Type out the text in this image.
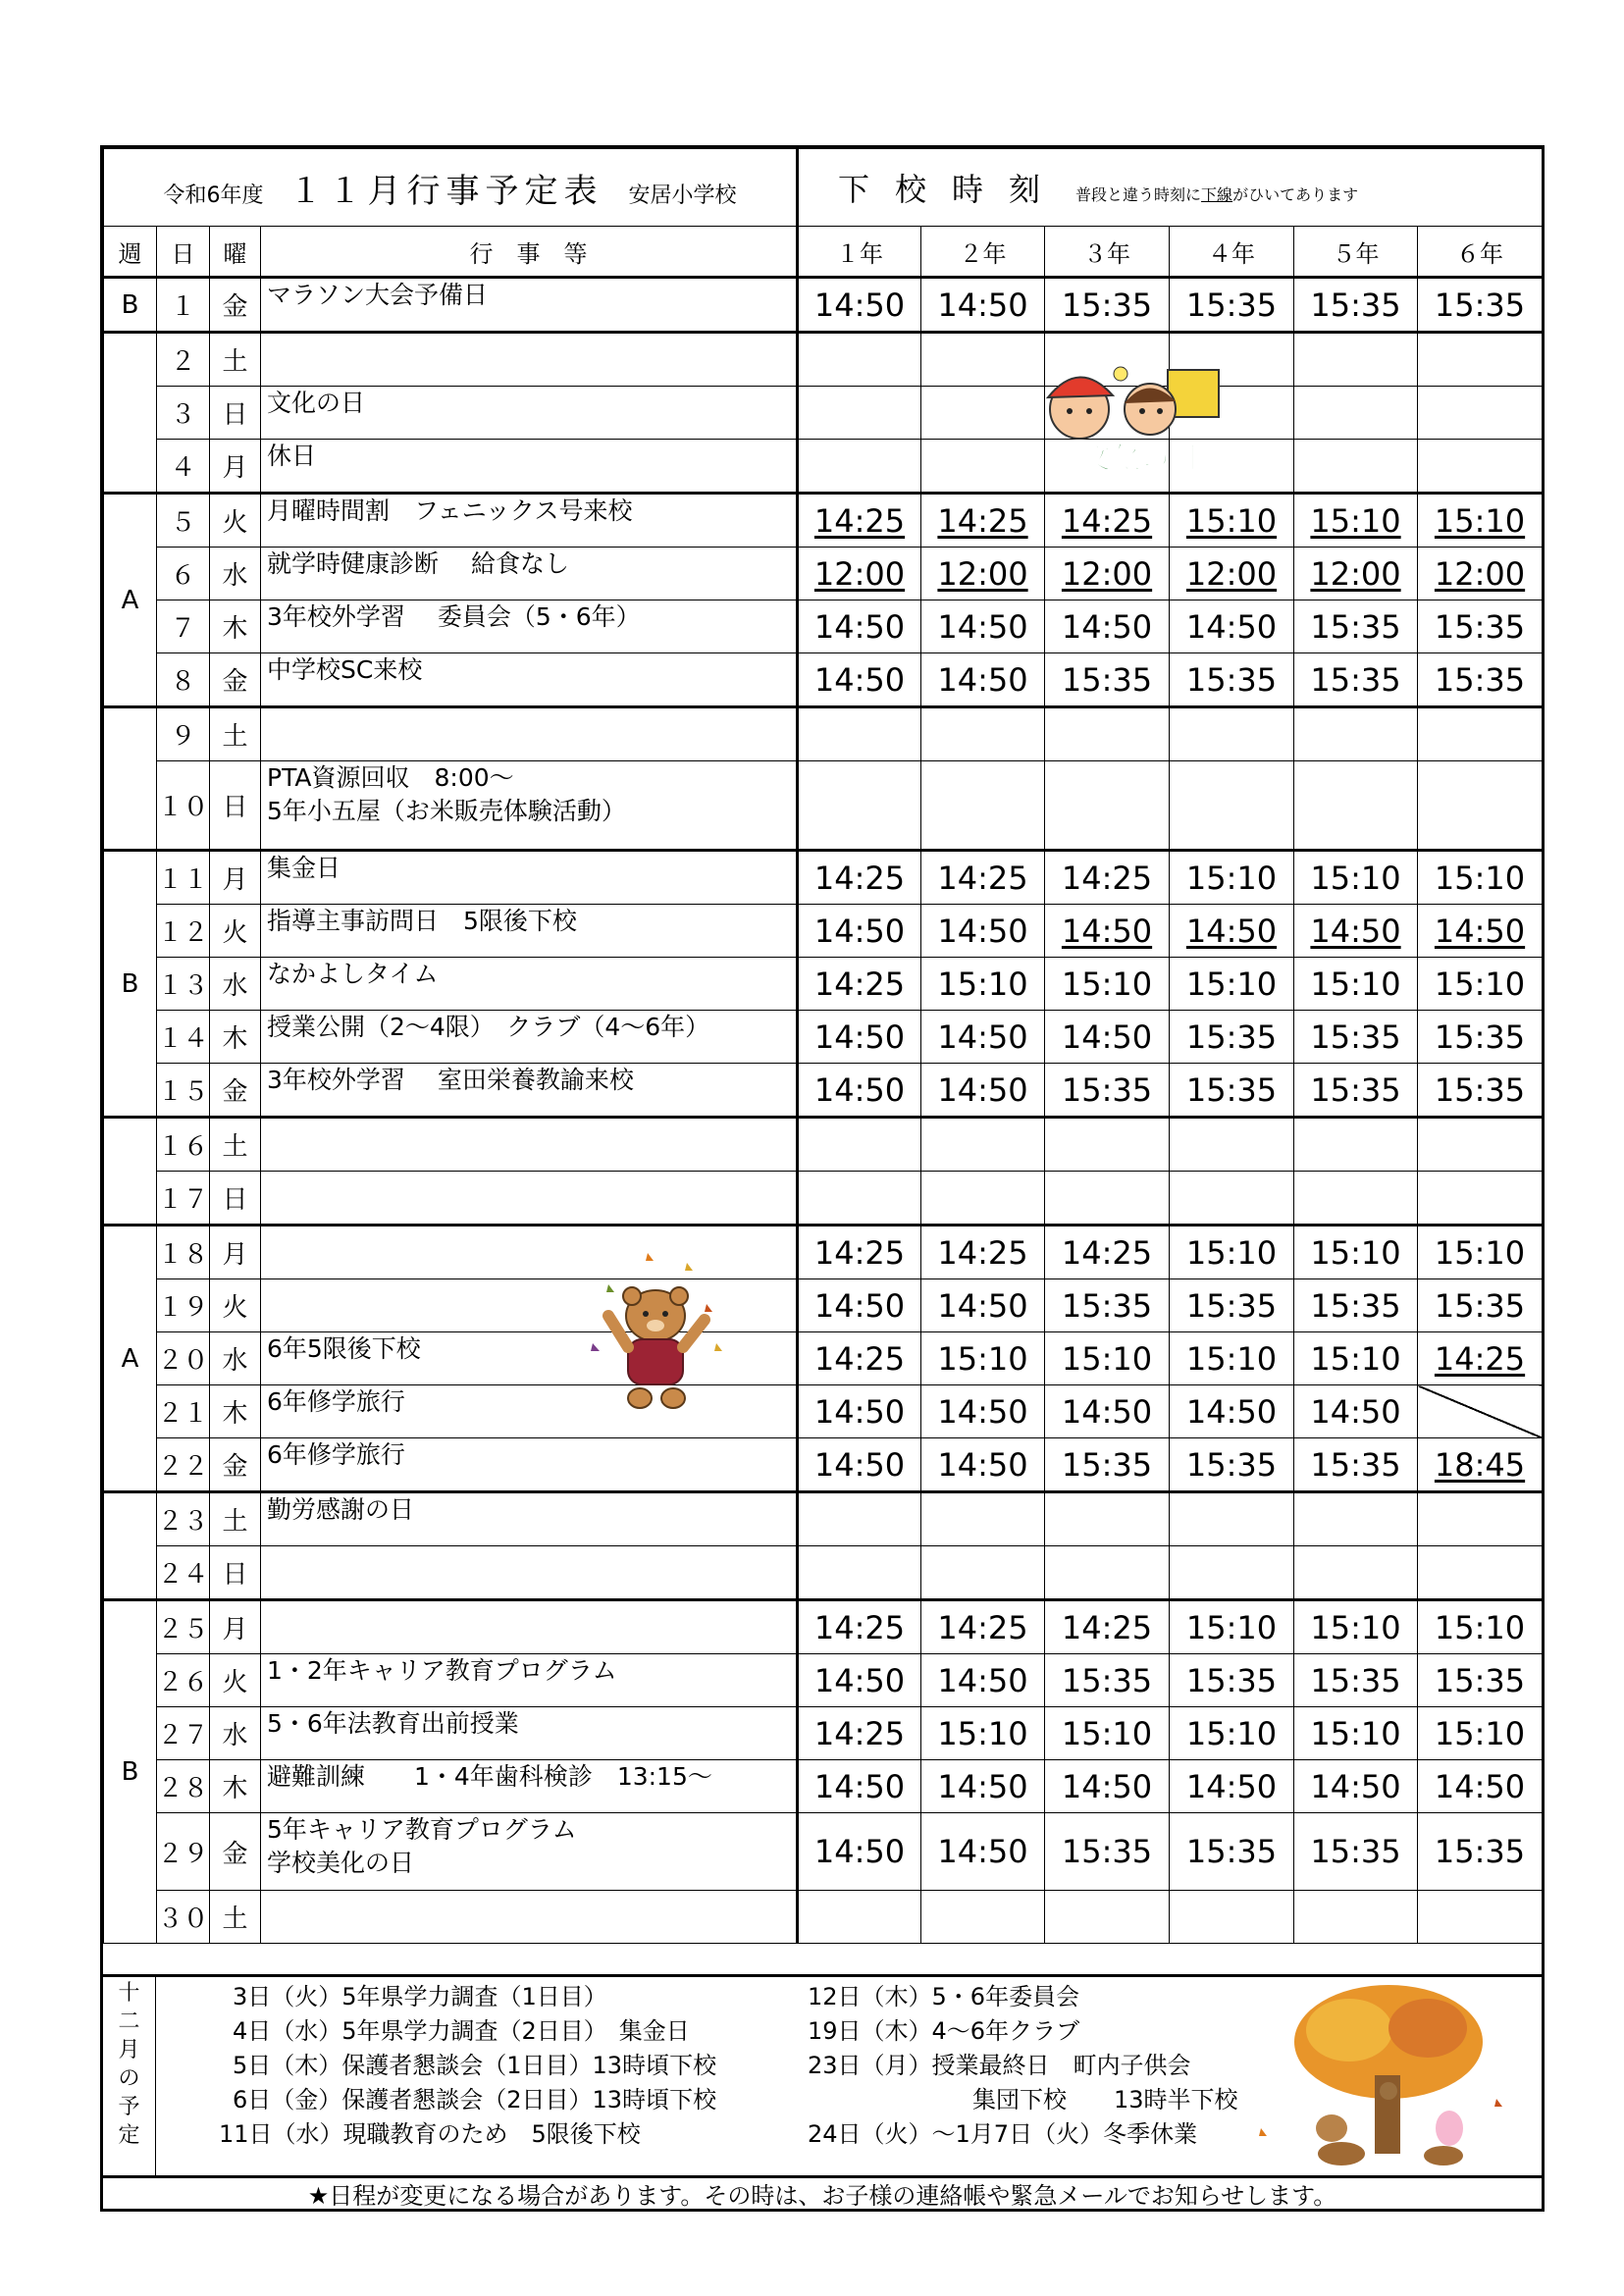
令和6年度 １１月行事予定表 安居小学校				下校時刻 普段と違う時刻に下線がひいてあります					
週	日	曜	行　事　等	１年	２年	３年	４年	５年	６年
B	１	金	マラソン大会予備日	14:50	14:50	15:35	15:35	15:35	15:35
	２	土							
	３	日	文化の日						

	４	月	休日						

A	５	火	月曜時間割　フェニックス号来校	14:25	14:25	14:25	15:10	15:10	15:10
	６	水	就学時健康診断　 給食なし	12:00	12:00	12:00	12:00	12:00	12:00
	７	木	3年校外学習　 委員会（5・6年）	14:50	14:50	14:50	14:50	15:35	15:35
	８	金	中学校SC来校	14:50	14:50	15:35	15:35	15:35	15:35
	９	土							
	１０	日	PTA資源回収　8:00～
5年小五屋（お米販売体験活動）						

B	１１	月	集金日	14:25	14:25	14:25	15:10	15:10	15:10
	１２	火	指導主事訪問日　5限後下校	14:50	14:50	14:50	14:50	14:50	14:50
	１３	水	なかよしタイム	14:25	15:10	15:10	15:10	15:10	15:10
	１４	木	授業公開（2～4限）　クラブ（4～6年）	14:50	14:50	14:50	15:35	15:35	15:35
	１５	金	3年校外学習　 室田栄養教諭来校	14:50	14:50	15:35	15:35	15:35	15:35
	１６	土							
	１７	日							
A	１８	月		14:25	14:25	14:25	15:10	15:10	15:10
	１９	火		14:50	14:50	15:35	15:35	15:35	15:35
	２０	水	6年5限後下校	14:25	15:10	15:10	15:10	15:10	14:25
	２１	木	6年修学旅行	14:50	14:50	14:50	14:50	14:50	
	２２	金	6年修学旅行	14:50	14:50	15:35	15:35	15:35	18:45
	２３	土	勤労感謝の日						

	２４	日							
B	２５	月		14:25	14:25	14:25	15:10	15:10	15:10
	２６	火	1・2年キャリア教育プログラム	14:50	14:50	15:35	15:35	15:35	15:35
	２７	水	5・6年法教育出前授業	14:25	15:10	15:10	15:10	15:10	15:10
	２８	木	避難訓練　　1・4年歯科検診　13:15～	14:50	14:50	14:50	14:50	14:50	14:50
	２９	金	5年キャリア教育プログラム
学校美化の日	14:50	14:50	15:35	15:35	15:35	15:35
	３０	土							
文化の日
十
二
月
の
予
定
3日（火）5年県学力調査（1日目）
4日（水）5年県学力調査（2日目）　集金日
5日（木）保護者懇談会（1日目）13時頃下校
6日（金）保護者懇談会（2日目）13時頃下校
11日（水）現職教育のため　5限後下校
12日（木）5・6年委員会
19日（木）4～6年クラブ
23日（月）授業最終日　町内子供会
　　　　　　　集団下校　　13時半下校
24日（火）～1月7日（火）冬季休業
★日程が変更になる場合があります。その時は、お子様の連絡帳や緊急メールでお知らせします。
